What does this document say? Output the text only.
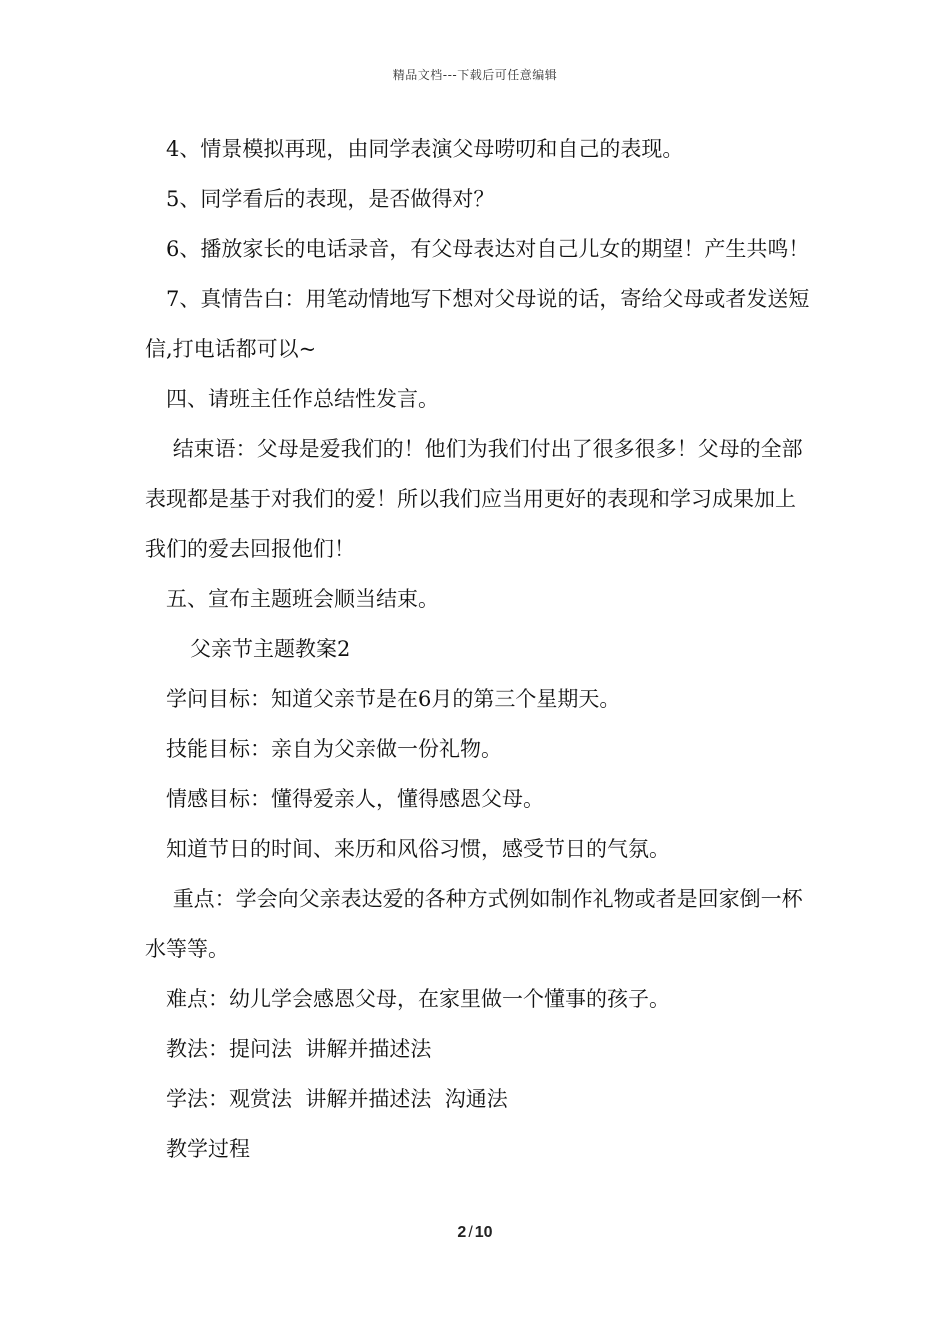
精品文档---下载后可任意编辑

4、情景模拟再现，由同学表演父母唠叨和自己的表现。

5、同学看后的表现，是否做得对？

6、播放家长的电话录音，有父母表达对自己儿女的期望！产生共鸣！

7、真情告白：用笔动情地写下想对父母说的话，寄给父母或者发送短信,打电话都可以~

四、请班主任作总结性发言。

结束语：父母是爱我们的！他们为我们付出了很多很多！父母的全部表现都是基于对我们的爱！所以我们应当用更好的表现和学习成果加上我们的爱去回报他们！

五、宣布主题班会顺当结束。

父亲节主题教案2

学问目标：知道父亲节是在6月的第三个星期天。

技能目标：亲自为父亲做一份礼物。

情感目标：懂得爱亲人，懂得感恩父母。

知道节日的时间、来历和风俗习惯，感受节日的气氛。

重点：学会向父亲表达爱的各种方式例如制作礼物或者是回家倒一杯水等等。

难点：幼儿学会感恩父母，在家里做一个懂事的孩子。

教法：提问法  讲解并描述法

学法：观赏法  讲解并描述法  沟通法

教学过程

2 / 10
